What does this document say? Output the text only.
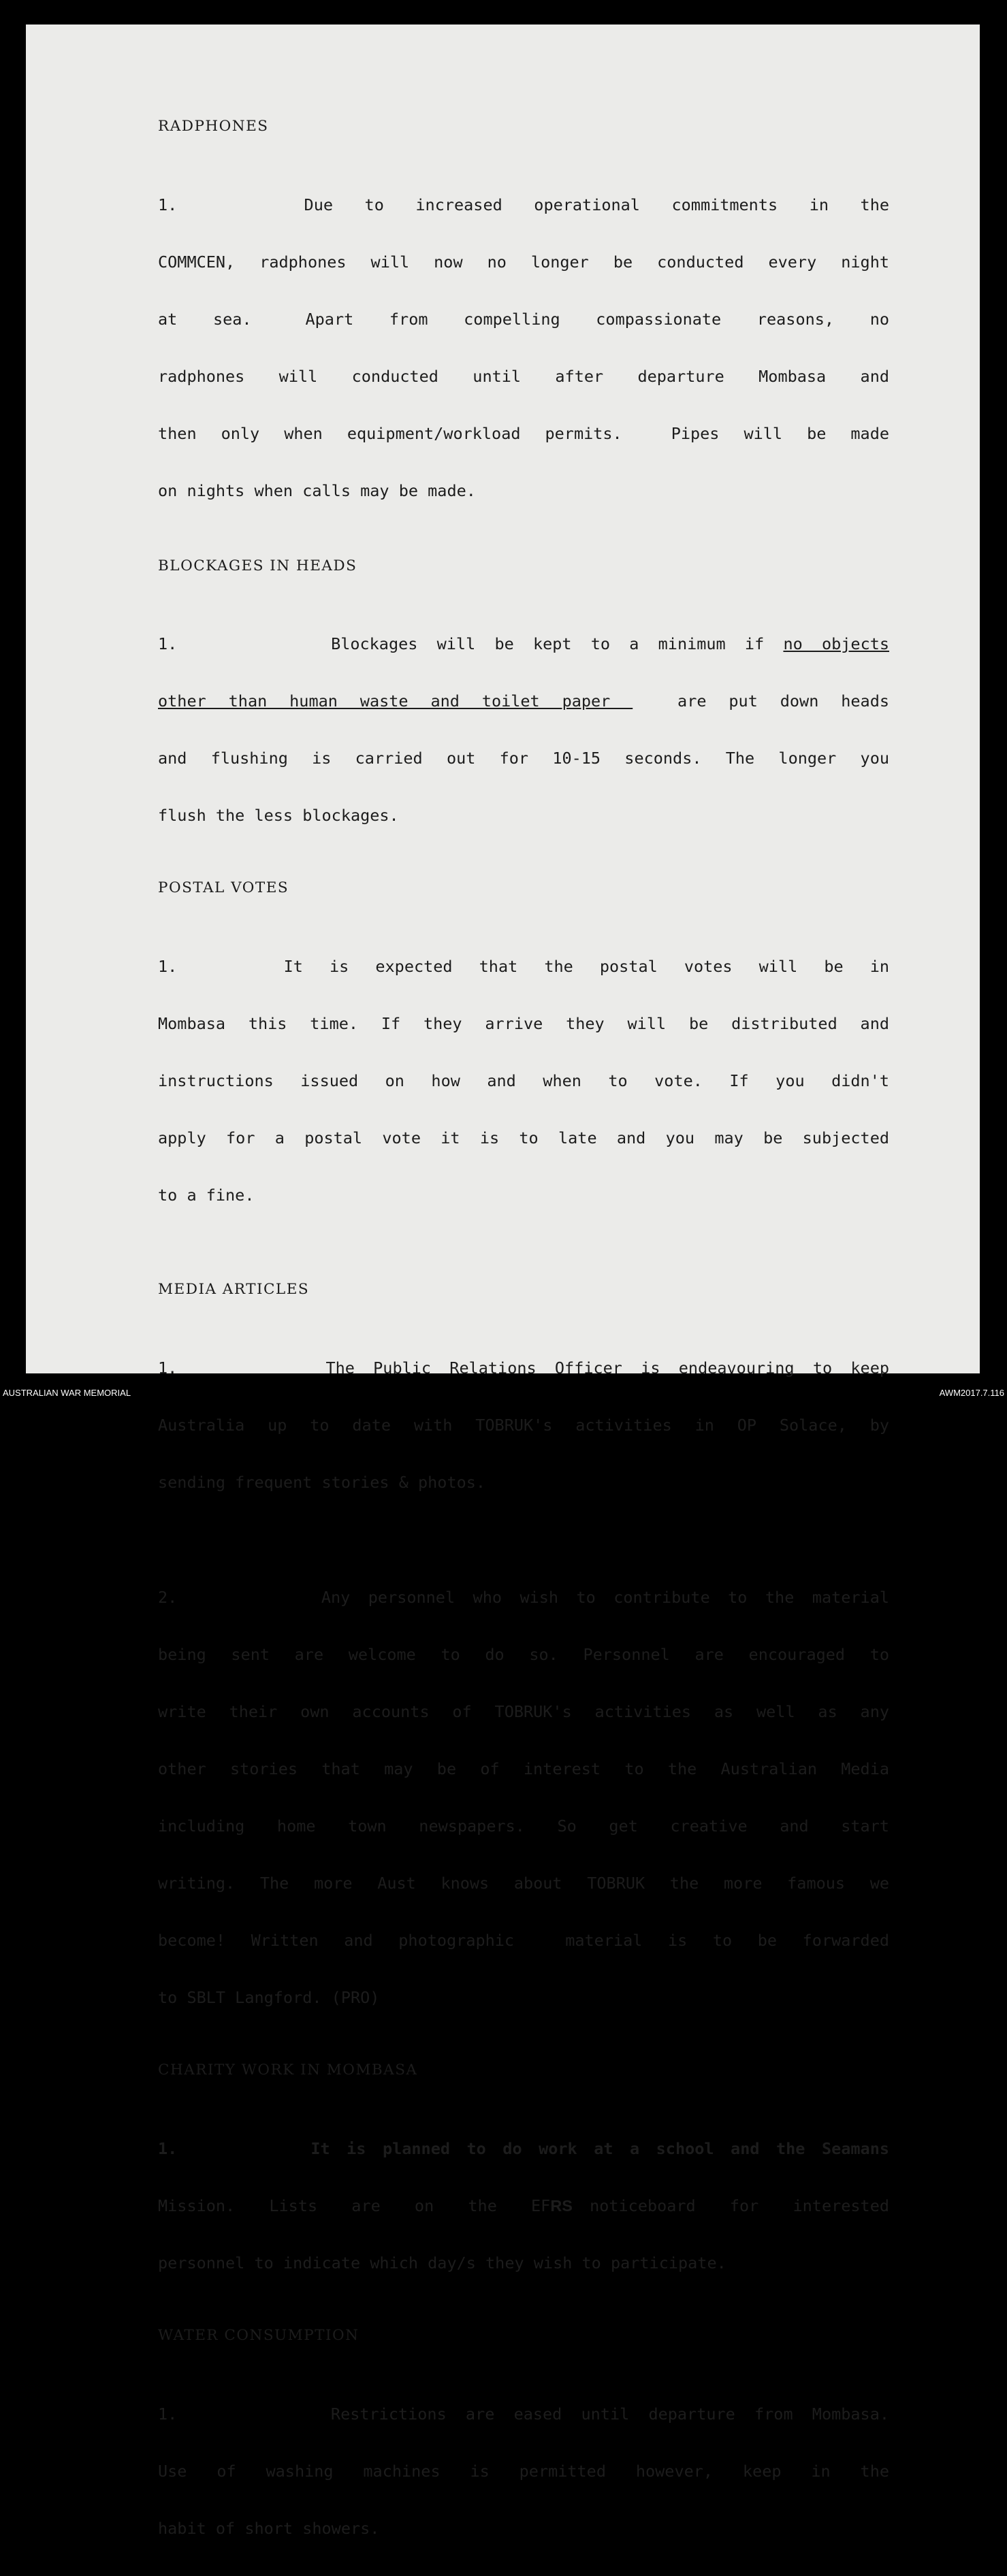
RADPHONES

1.        Due  to  increased  operational  commitments  in  the

COMMCEN, radphones will now no longer be conducted every night

at  sea.   Apart  from  compelling  compassionate  reasons,  no

radphones  will  conducted  until  after  departure  Mombasa  and

then only when equipment/workload permits.  Pipes will be made

on nights when calls may be made.

BLOCKAGES IN HEADS

1.        Blockages will be kept to a minimum if no objects

other than human waste and toilet paper   are put down heads

and flushing is carried out for 10-15 seconds. The longer you

flush the less blockages.

POSTAL VOTES

1.        It  is  expected  that  the  postal  votes  will  be  in

Mombasa this time. If they arrive they will be distributed and

instructions  issued  on  how  and  when  to  vote.  If  you  didn't

apply for a postal vote it is to late and you may be subjected

to a fine.

MEDIA ARTICLES

1.        The Public Relations Officer is endeavouring to keep

Australia up to date with TOBRUK's activities in OP Solace, by

sending frequent stories & photos.

2.        Any personnel who wish to contribute to the material

being sent are welcome to do so. Personnel are encouraged to

write their own accounts of TOBRUK's activities as well as any

other stories that may be of interest to the Australian Media

including  home  town  newspapers.  So  get  creative  and  start

writing. The more Aust knows about TOBRUK the more famous we

become! Written and photographic  material is to be forwarded

to SBLT Langford. (PRO)

CHARITY WORK IN MOMBASA

1.        It is planned to do work at a school and the Seamans

Mission.  Lists  are  on  the  EFRS noticeboard  for  interested

personnel to indicate which day/s they wish to participate.

WATER CONSUMPTION

1.        Restrictions are eased until departure from Mombasa.

Use  of  washing  machines  is  permitted  however,  keep  in  the

habit of short showers.

AUSTRALIAN WAR MEMORIAL	AWM2017.7.116
